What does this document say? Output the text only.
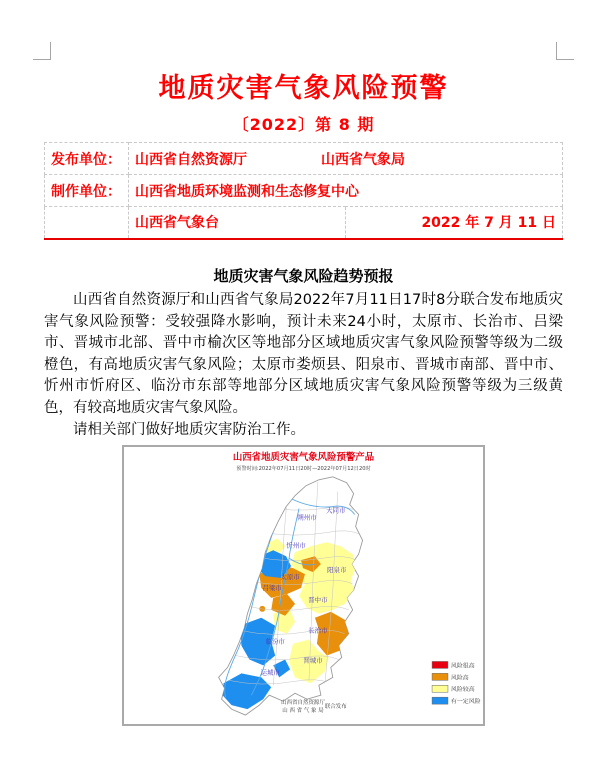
地质灾害气象风险预警
〔2022〕第 8 期
发布单位：	山西省自然资源厅 山西省气象局	
制作单位：	山西省地质环境监测和生态修复中心	
	山西省气象台	2022 年 7 月 11 日
地质灾害气象风险趋势预报

山西省自然资源厅和山西省气象局2022年7月11日17时8分联合发布地质灾害气象风险预警：受较强降水影响，预计未来24小时，太原市、长治市、吕梁市、晋城市北部、晋中市榆次区等地部分区域地质灾害气象风险预警等级为二级橙色，有高地质灾害气象风险；太原市娄烦县、阳泉市、晋城市南部、晋中市、忻州市忻府区、临汾市东部等地部分区域地质灾害气象风险预警等级为三级黄色，有较高地质灾害气象风险。

请相关部门做好地质灾害防治工作。

山西省地质灾害气象风险预警产品
预警时间:2022年07月11日20时—2022年07月12日20时
大同市
朔州市
忻州市
阳泉市
太原市
吕梁市
晋中市
长治市
临汾市
晋城市
运城市
风险很高
风险高
风险较高
有一定风险
山西省自然资源厅
山 西 省 气 象 局
联合发布
